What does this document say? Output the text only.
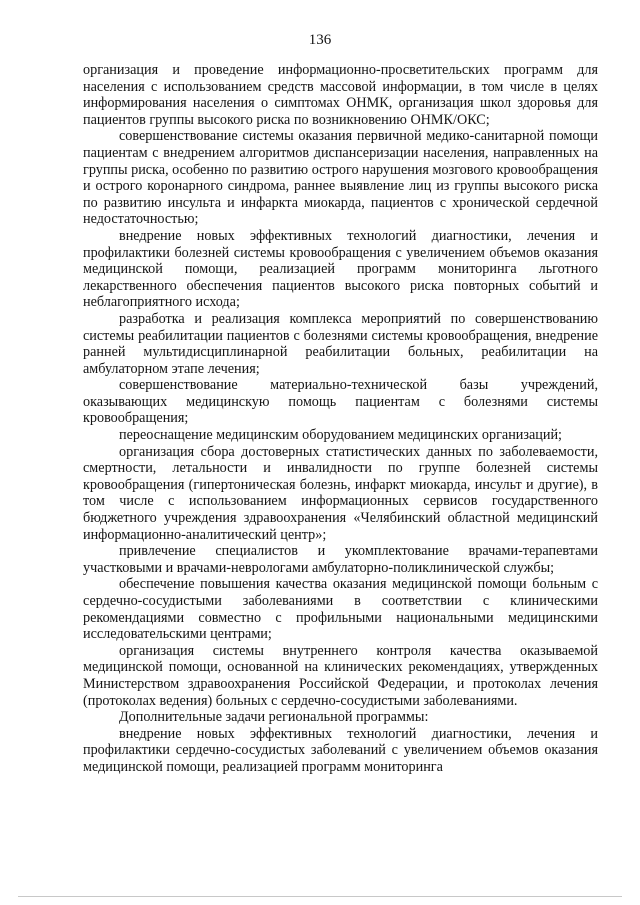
136

организация и проведение информационно-просветительских программ для населения с использованием средств массовой информации, в том числе в целях информирования населения о симптомах ОНМК, организация школ здоровья для пациентов группы высокого риска по возникновению ОНМК/ОКС;

совершенствование системы оказания первичной медико-санитарной помощи пациентам с внедрением алгоритмов диспансеризации населения, направленных на группы риска, особенно по развитию острого нарушения мозгового кровообращения и острого коронарного синдрома, раннее выявление лиц из группы высокого риска по развитию инсульта и инфаркта миокарда, пациентов с хронической сердечной недостаточностью;

внедрение новых эффективных технологий диагностики, лечения и профилактики болезней системы кровообращения с увеличением объемов оказания медицинской помощи, реализацией программ мониторинга льготного лекарственного обеспечения пациентов высокого риска повторных событий и неблагоприятного исхода;

разработка и реализация комплекса мероприятий по совершенствованию системы реабилитации пациентов с болезнями системы кровообращения, внедрение ранней мультидисциплинарной реабилитации больных, реабилитации на амбулаторном этапе лечения;

совершенствование материально-технической базы учреждений, оказывающих медицинскую помощь пациентам с болезнями системы кровообращения;

переоснащение медицинским оборудованием медицинских организаций;

организация сбора достоверных статистических данных по заболеваемости, смертности, летальности и инвалидности по группе болезней системы кровообращения (гипертоническая болезнь, инфаркт миокарда, инсульт и другие), в том числе с использованием информационных сервисов государственного бюджетного учреждения здравоохранения «Челябинский областной медицинский информационно-аналитический центр»;

привлечение специалистов и укомплектование врачами-терапевтами участковыми и врачами-неврологами амбулаторно-поликлинической службы;

обеспечение повышения качества оказания медицинской помощи больным с сердечно-сосудистыми заболеваниями в соответствии с клиническими рекомендациями совместно с профильными национальными медицинскими исследовательскими центрами;

организация системы внутреннего контроля качества оказываемой медицинской помощи, основанной на клинических рекомендациях, утвержденных Министерством здравоохранения Российской Федерации, и протоколах лечения (протоколах ведения) больных с сердечно-сосудистыми заболеваниями.

Дополнительные задачи региональной программы:

внедрение новых эффективных технологий диагностики, лечения и профилактики сердечно-сосудистых заболеваний с увеличением объемов оказания медицинской помощи, реализацией программ мониторинга
